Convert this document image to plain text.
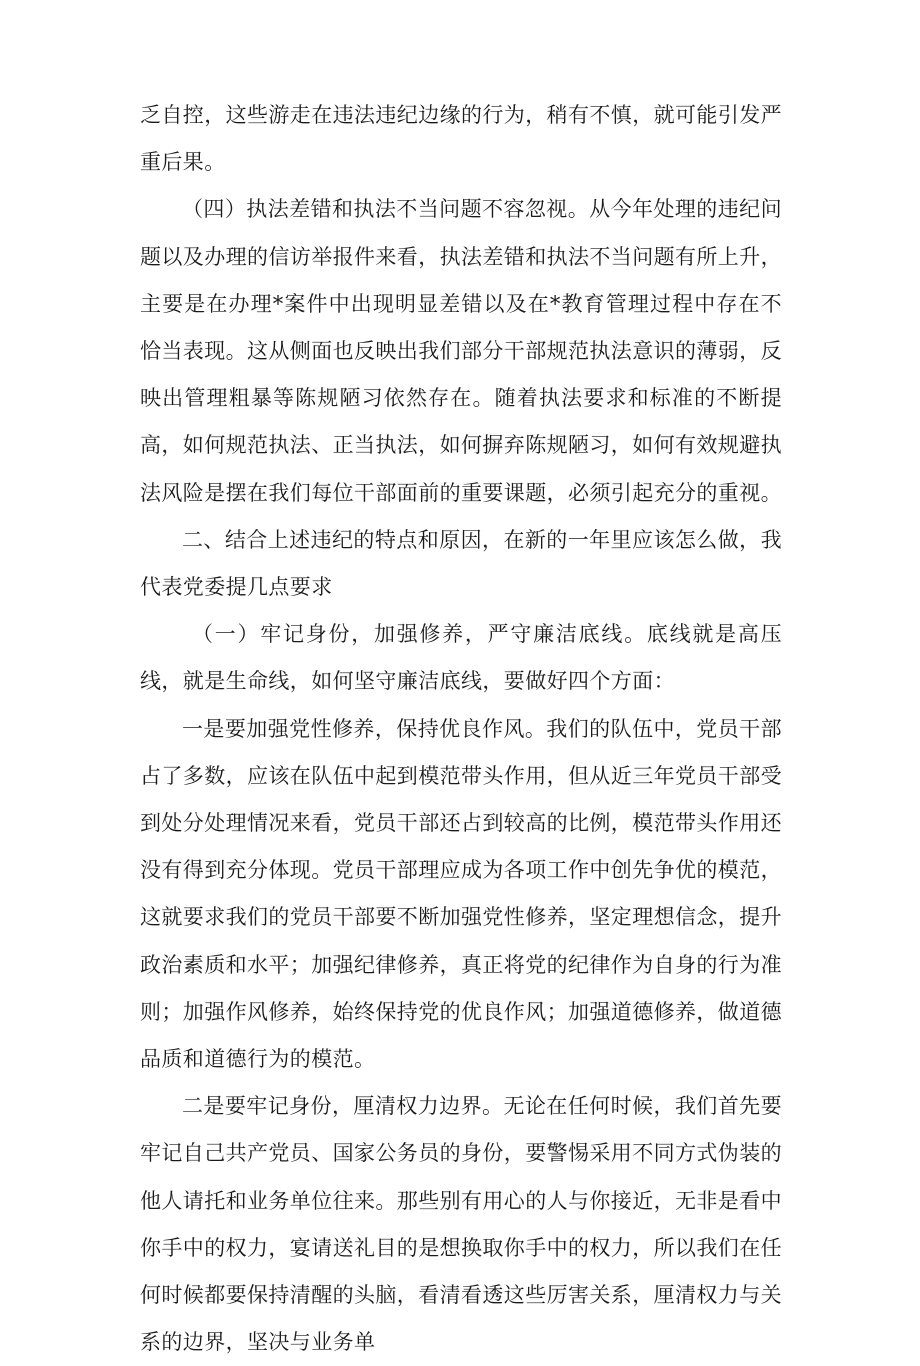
乏自控，这些游走在违法违纪边缘的行为，稍有不慎，就可能引发严重后果。

（四）执法差错和执法不当问题不容忽视。从今年处理的违纪问题以及办理的信访举报件来看，执法差错和执法不当问题有所上升，主要是在办理*案件中出现明显差错以及在*教育管理过程中存在不恰当表现。这从侧面也反映出我们部分干部规范执法意识的薄弱，反映出管理粗暴等陈规陋习依然存在。随着执法要求和标准的不断提高，如何规范执法、正当执法，如何摒弃陈规陋习，如何有效规避执法风险是摆在我们每位干部面前的重要课题，必须引起充分的重视。

二、结合上述违纪的特点和原因，在新的一年里应该怎么做，我代表党委提几点要求

（一）牢记身份，加强修养，严守廉洁底线。底线就是高压线，就是生命线，如何坚守廉洁底线，要做好四个方面：

一是要加强党性修养，保持优良作风。我们的队伍中，党员干部占了多数，应该在队伍中起到模范带头作用，但从近三年党员干部受到处分处理情况来看，党员干部还占到较高的比例，模范带头作用还没有得到充分体现。党员干部理应成为各项工作中创先争优的模范，这就要求我们的党员干部要不断加强党性修养，坚定理想信念，提升政治素质和水平；加强纪律修养，真正将党的纪律作为自身的行为准则；加强作风修养，始终保持党的优良作风；加强道德修养，做道德品质和道德行为的模范。

二是要牢记身份，厘清权力边界。无论在任何时候，我们首先要牢记自己共产党员、国家公务员的身份，要警惕采用不同方式伪装的他人请托和业务单位往来。那些别有用心的人与你接近，无非是看中你手中的权力，宴请送礼目的是想换取你手中的权力，所以我们在任何时候都要保持清醒的头脑，看清看透这些厉害关系，厘清权力与关系的边界，坚决与业务单
